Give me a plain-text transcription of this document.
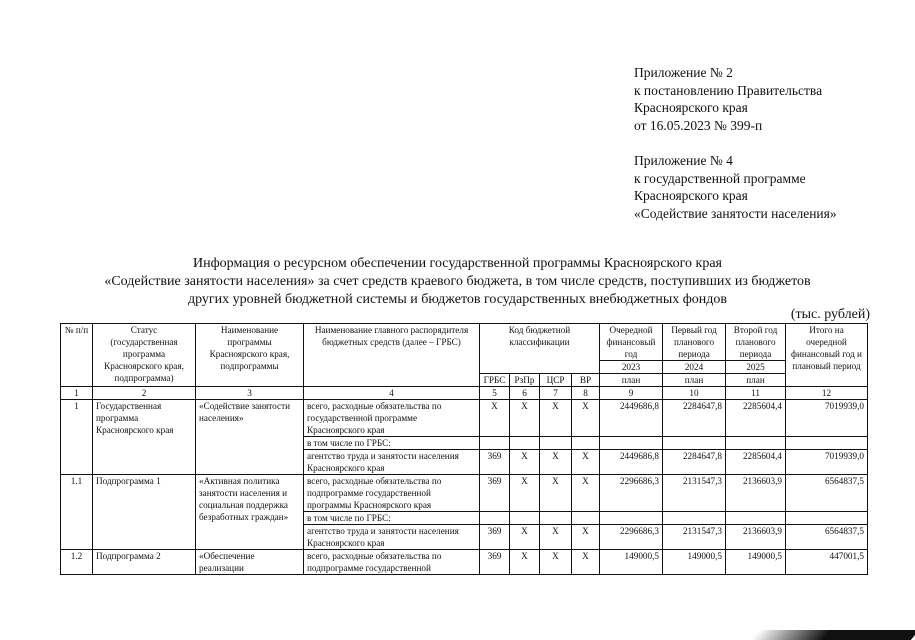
Приложение № 2
к постановлению Правительства
Красноярского края
от 16.05.2023 № 399-п
Приложение № 4
к государственной программе
Красноярского края
«Содействие занятости населения»
Информация о ресурсном обеспечении государственной программы Красноярского края
«Содействие занятости населения» за счет средств краевого бюджета, в том числе средств, поступивших из бюджетов
других уровней бюджетной системы и бюджетов государственных внебюджетных фондов
(тыс. рублей)
№ п/п	Статус (государственная программа Красноярского края, подпрограмма)	Наименование программы Красноярского края, подпрограммы	Наименование главного распорядителя бюджетных средств (далее – ГРБС)	Код бюджетной классификации				Очередной финансовый год	Первый год планового периода	Второй год планового периода	Итого на очередной финансовый год и плановый период
								2023	2024	2025	
				ГРБС	РзПр	ЦСР	ВР	план	план	план	
1	2	3	4	5	6	7	8	9	10	11	12
1	Государственная программа Красноярского края	«Содействие занятости населения»	всего, расходные обязательства по государственной программе Красноярского края	X	X	X	X	2449686,8	2284647,8	2285604,4	7019939,0
			в том числе по ГРБС:								
			агентство труда и занятости населения Красноярского края	369	X	X	X	2449686,8	2284647,8	2285604,4	7019939,0
1.1	Подпрограмма 1	«Активная политика занятости населения и социальная поддержка безработных граждан»	всего, расходные обязательства по подпрограмме государственной программы Красноярского края	369	X	X	X	2296686,3	2131547,3	2136603,9	6564837,5
			в том числе по ГРБС:								
			агентство труда и занятости населения Красноярского края	369	X	X	X	2296686,3	2131547,3	2136603,9	6564837,5
1.2	Подпрограмма 2	«Обеспечение реализации	всего, расходные обязательства по подпрограмме государственной	369	X	X	X	149000,5	149000,5	149000,5	447001,5
